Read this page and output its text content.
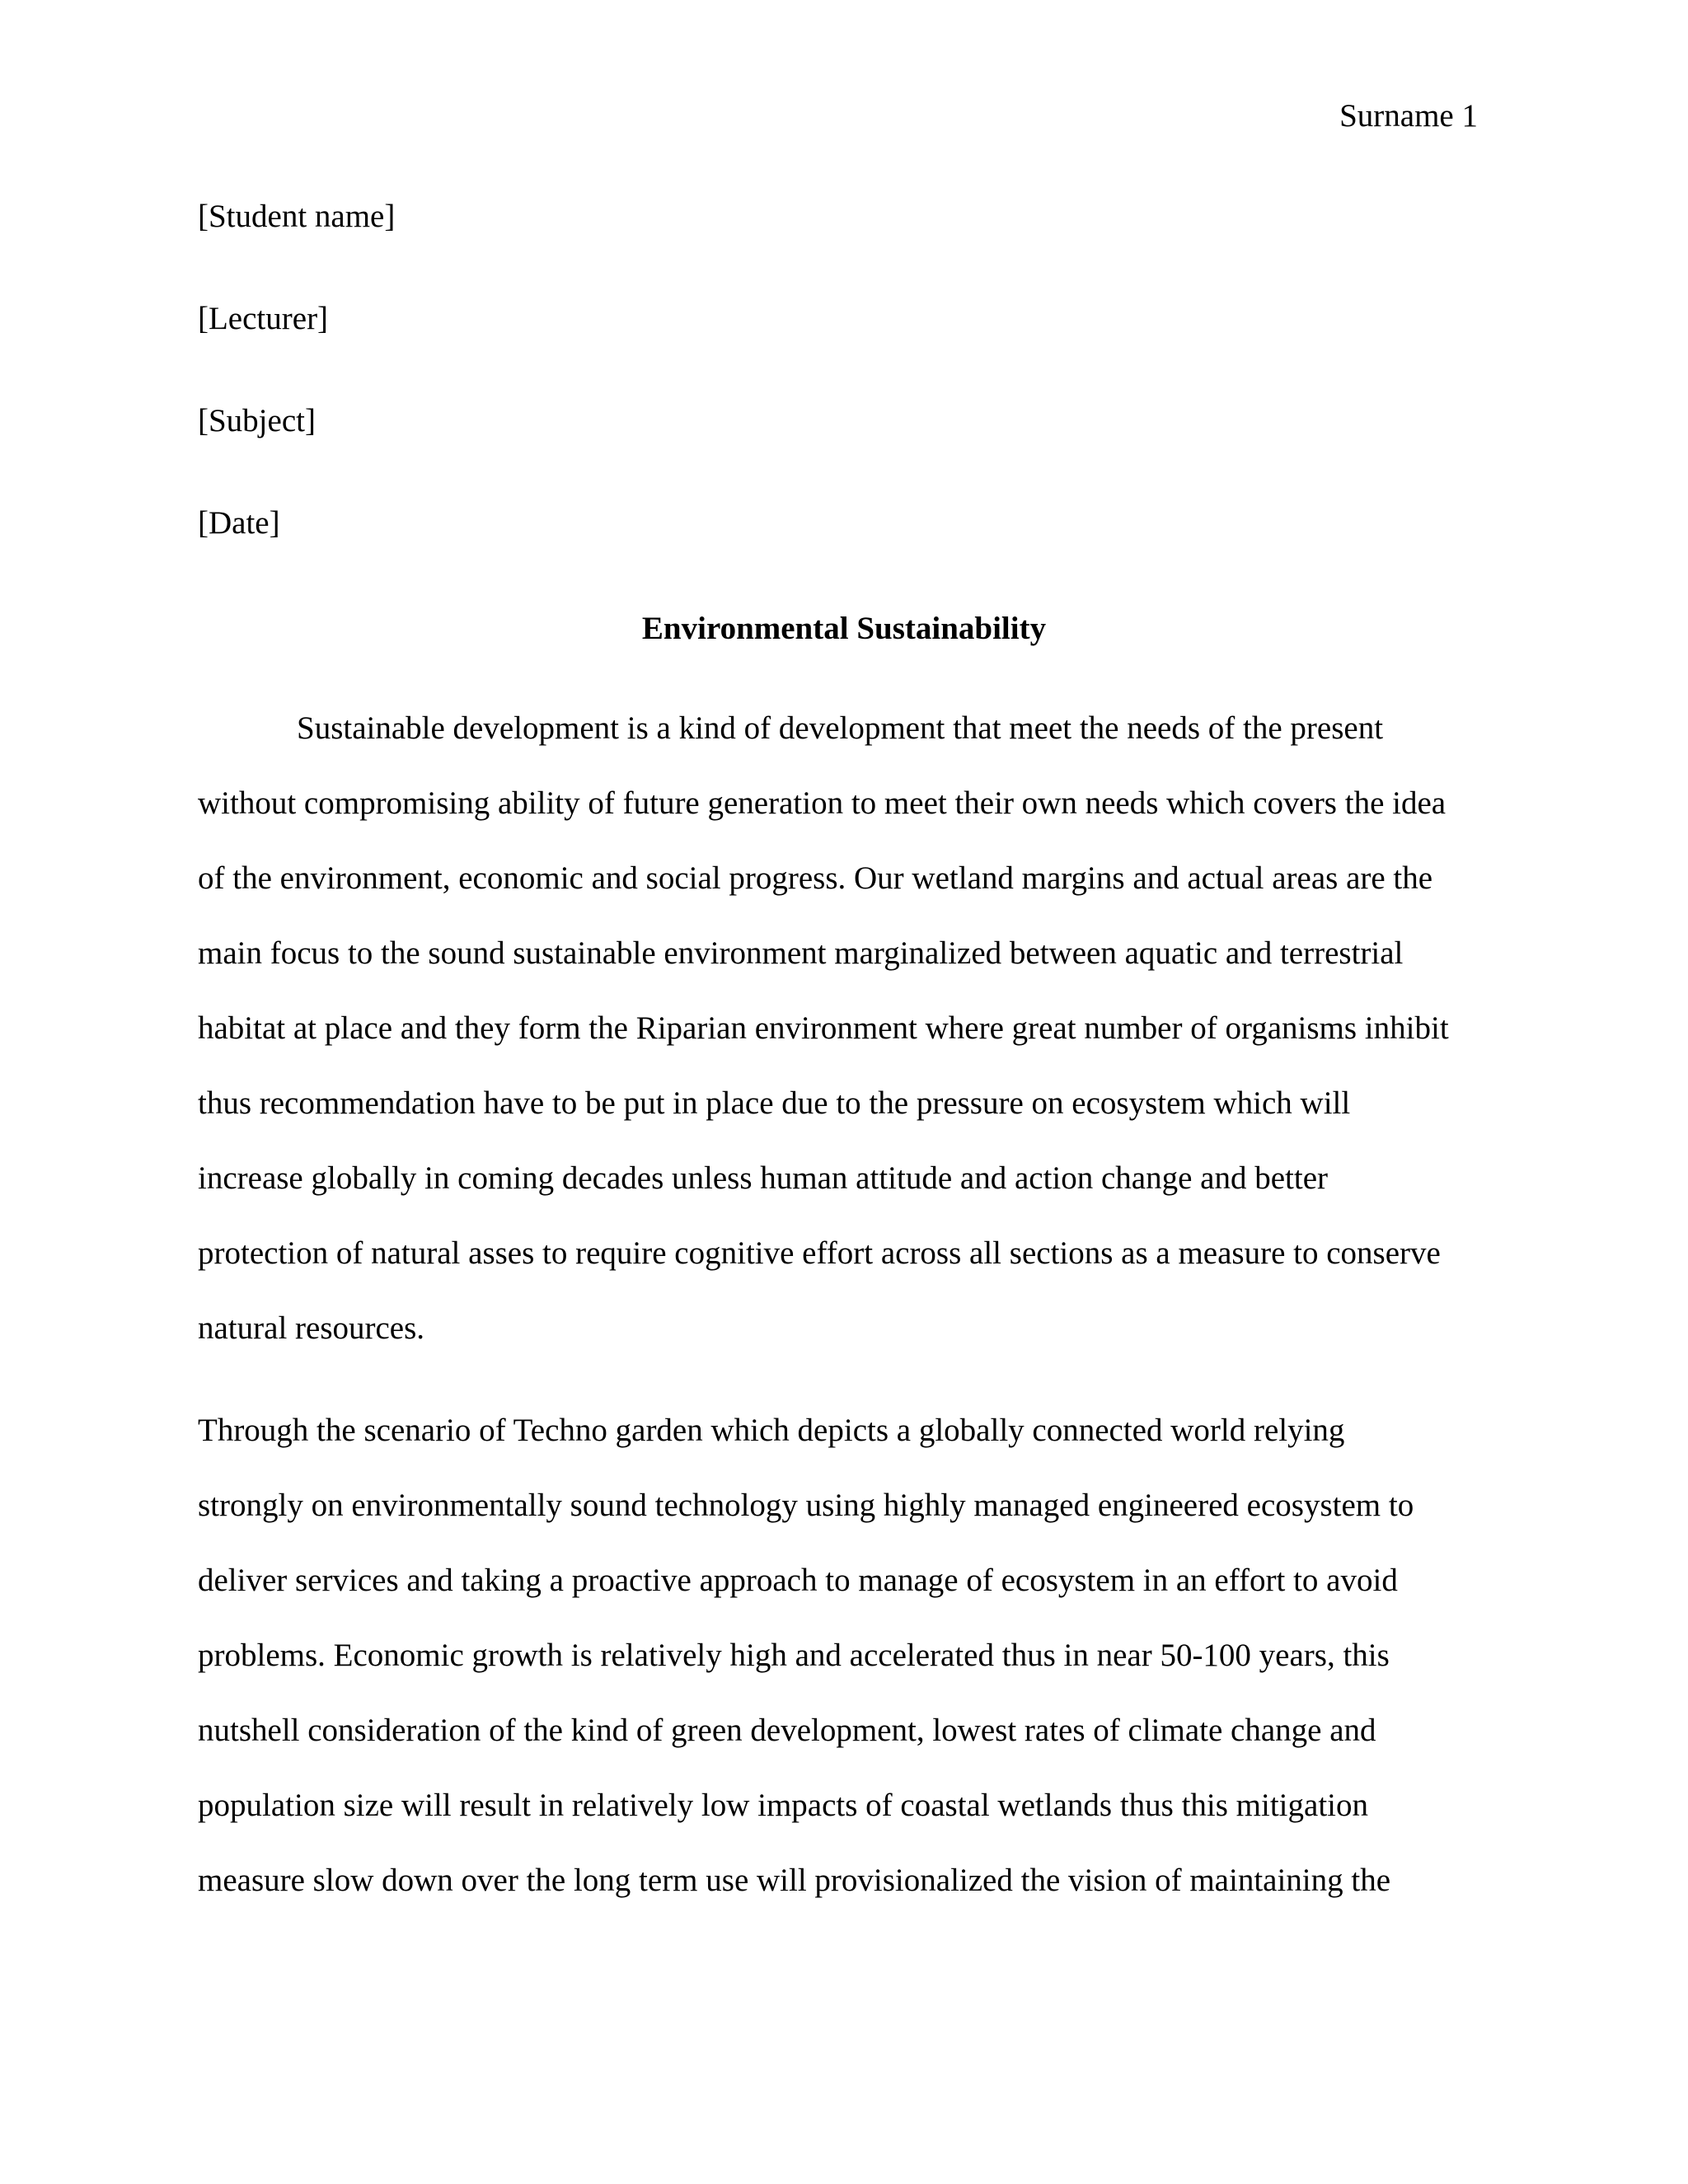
Surname 1
[Student name]
[Lecturer]
[Subject]
[Date]
Environmental Sustainability
Sustainable development is a kind of development that meet the needs of the present
without compromising ability of future generation to meet their own needs which covers the idea
of the environment, economic and social progress. Our wetland margins and actual areas are the
main focus to the sound sustainable environment marginalized between aquatic and terrestrial
habitat at place and they form the Riparian environment where great number of organisms inhibit
thus recommendation have to be put in place due to the pressure on ecosystem which will
increase globally in coming decades unless human attitude and action change and better
protection of natural asses to require cognitive effort across all sections as a measure to conserve
natural resources.
Through the scenario of Techno garden which depicts a globally connected world relying
strongly on environmentally sound technology using highly managed engineered ecosystem to
deliver services and taking a proactive approach to manage of ecosystem in an effort to avoid
problems. Economic growth is relatively high and accelerated thus in near 50-100 years, this
nutshell consideration of the kind of green development, lowest rates of climate change and
population size will result in relatively low impacts of coastal wetlands thus this mitigation
measure slow down over the long term use will provisionalized the vision of maintaining the
